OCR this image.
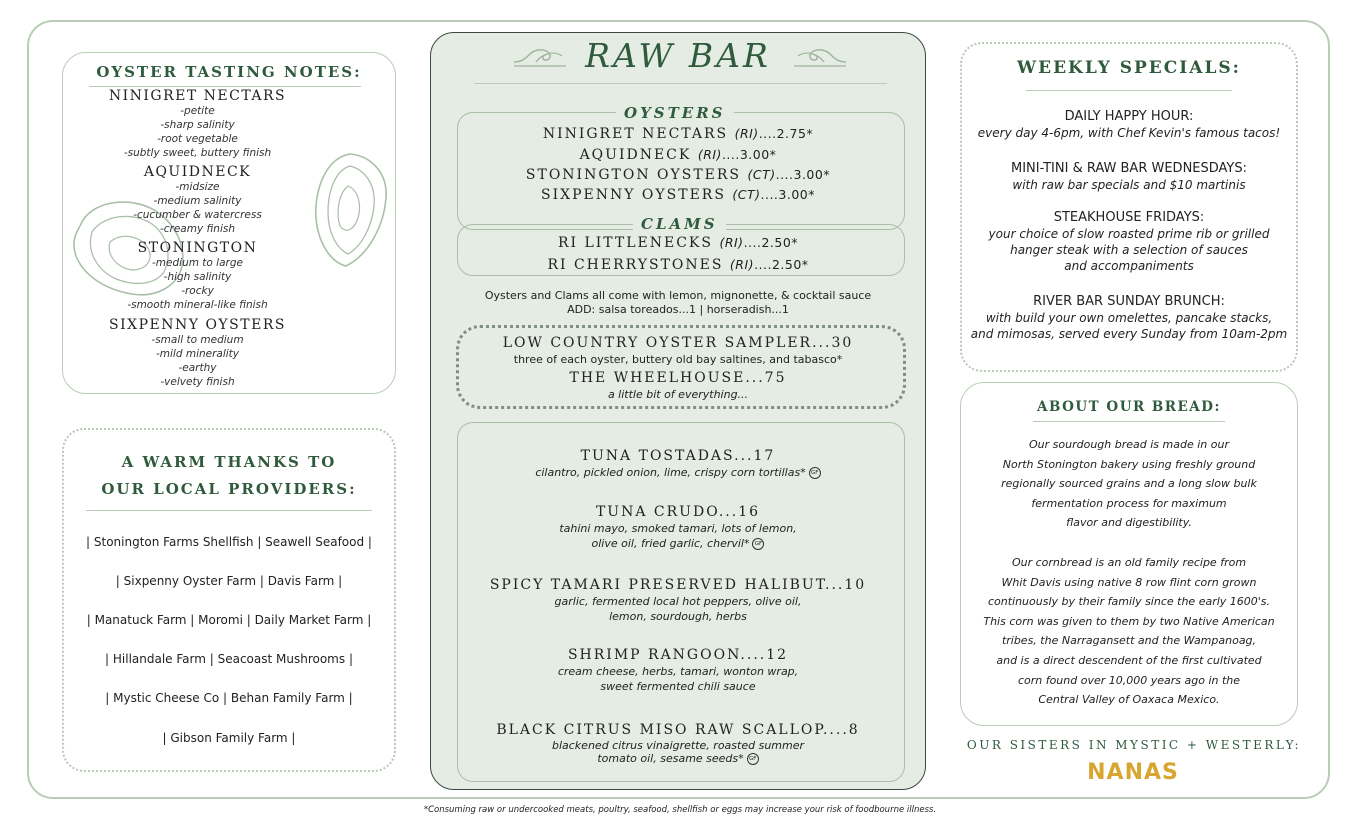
OYSTER TASTING NOTES:
NINIGRET NECTARS
-petite
-sharp salinity
-root vegetable
-subtly sweet, buttery finish
AQUIDNECK
-midsize
-medium salinity
-cucumber & watercress
-creamy finish
STONINGTON
-medium to large
-high salinity
-rocky
-smooth mineral-like finish
SIXPENNY OYSTERS
-small to medium
-mild minerality
-earthy
-velvety finish
A WARM THANKS TO
OUR LOCAL PROVIDERS:
| Stonington Farms Shellfish | Seawell Seafood |
| Sixpenny Oyster Farm | Davis Farm |
| Manatuck Farm | Moromi | Daily Market Farm |
| Hillandale Farm | Seacoast Mushrooms |
| Mystic Cheese Co | Behan Family Farm |
| Gibson Family Farm |
RAW BAR
OYSTERS
CLAMS
NINIGRET NECTARS (RI)....2.75*
AQUIDNECK (RI)....3.00*
STONINGTON OYSTERS (CT)....3.00*
SIXPENNY OYSTERS (CT)....3.00*
RI LITTLENECKS (RI)....2.50*
RI CHERRYSTONES (RI)....2.50*
Oysters and Clams all come with lemon, mignonette, & cocktail sauce
ADD: salsa toreados...1 | horseradish...1
LOW COUNTRY OYSTER SAMPLER...30
three of each oyster, buttery old bay saltines, and tabasco*
THE WHEELHOUSE...75
a little bit of everything...
TUNA TOSTADAS...17
cilantro, pickled onion, lime, crispy corn tortillas* GF
TUNA CRUDO...16
tahini mayo, smoked tamari, lots of lemon,
olive oil, fried garlic, chervil* GF
SPICY TAMARI PRESERVED HALIBUT...10
garlic, fermented local hot peppers, olive oil,
lemon, sourdough, herbs
SHRIMP RANGOON....12
cream cheese, herbs, tamari, wonton wrap,
sweet fermented chili sauce
BLACK CITRUS MISO RAW SCALLOP....8
blackened citrus vinaigrette, roasted summer
tomato oil, sesame seeds* GF
WEEKLY SPECIALS:
DAILY HAPPY HOUR:
every day 4-6pm, with Chef Kevin's famous tacos!
MINI-TINI & RAW BAR WEDNESDAYS:
with raw bar specials and $10 martinis
STEAKHOUSE FRIDAYS:
your choice of slow roasted prime rib or grilled
hanger steak with a selection of sauces
and accompaniments
RIVER BAR SUNDAY BRUNCH:
with build your own omelettes, pancake stacks,
and mimosas, served every Sunday from 10am-2pm
ABOUT OUR BREAD:
Our sourdough bread is made in our
North Stonington bakery using freshly ground
regionally sourced grains and a long slow bulk
fermentation process for maximum
flavor and digestibility.
Our cornbread is an old family recipe from
Whit Davis using native 8 row flint corn grown
continuously by their family since the early 1600's.
This corn was given to them by two Native American
tribes, the Narragansett and the Wampanoag,
and is a direct descendent of the first cultivated
corn found over 10,000 years ago in the
Central Valley of Oaxaca Mexico.
OUR SISTERS IN MYSTIC + WESTERLY:
NANAS
*Consuming raw or undercooked meats, poultry, seafood, shellfish or eggs may increase your risk of foodbourne illness.
